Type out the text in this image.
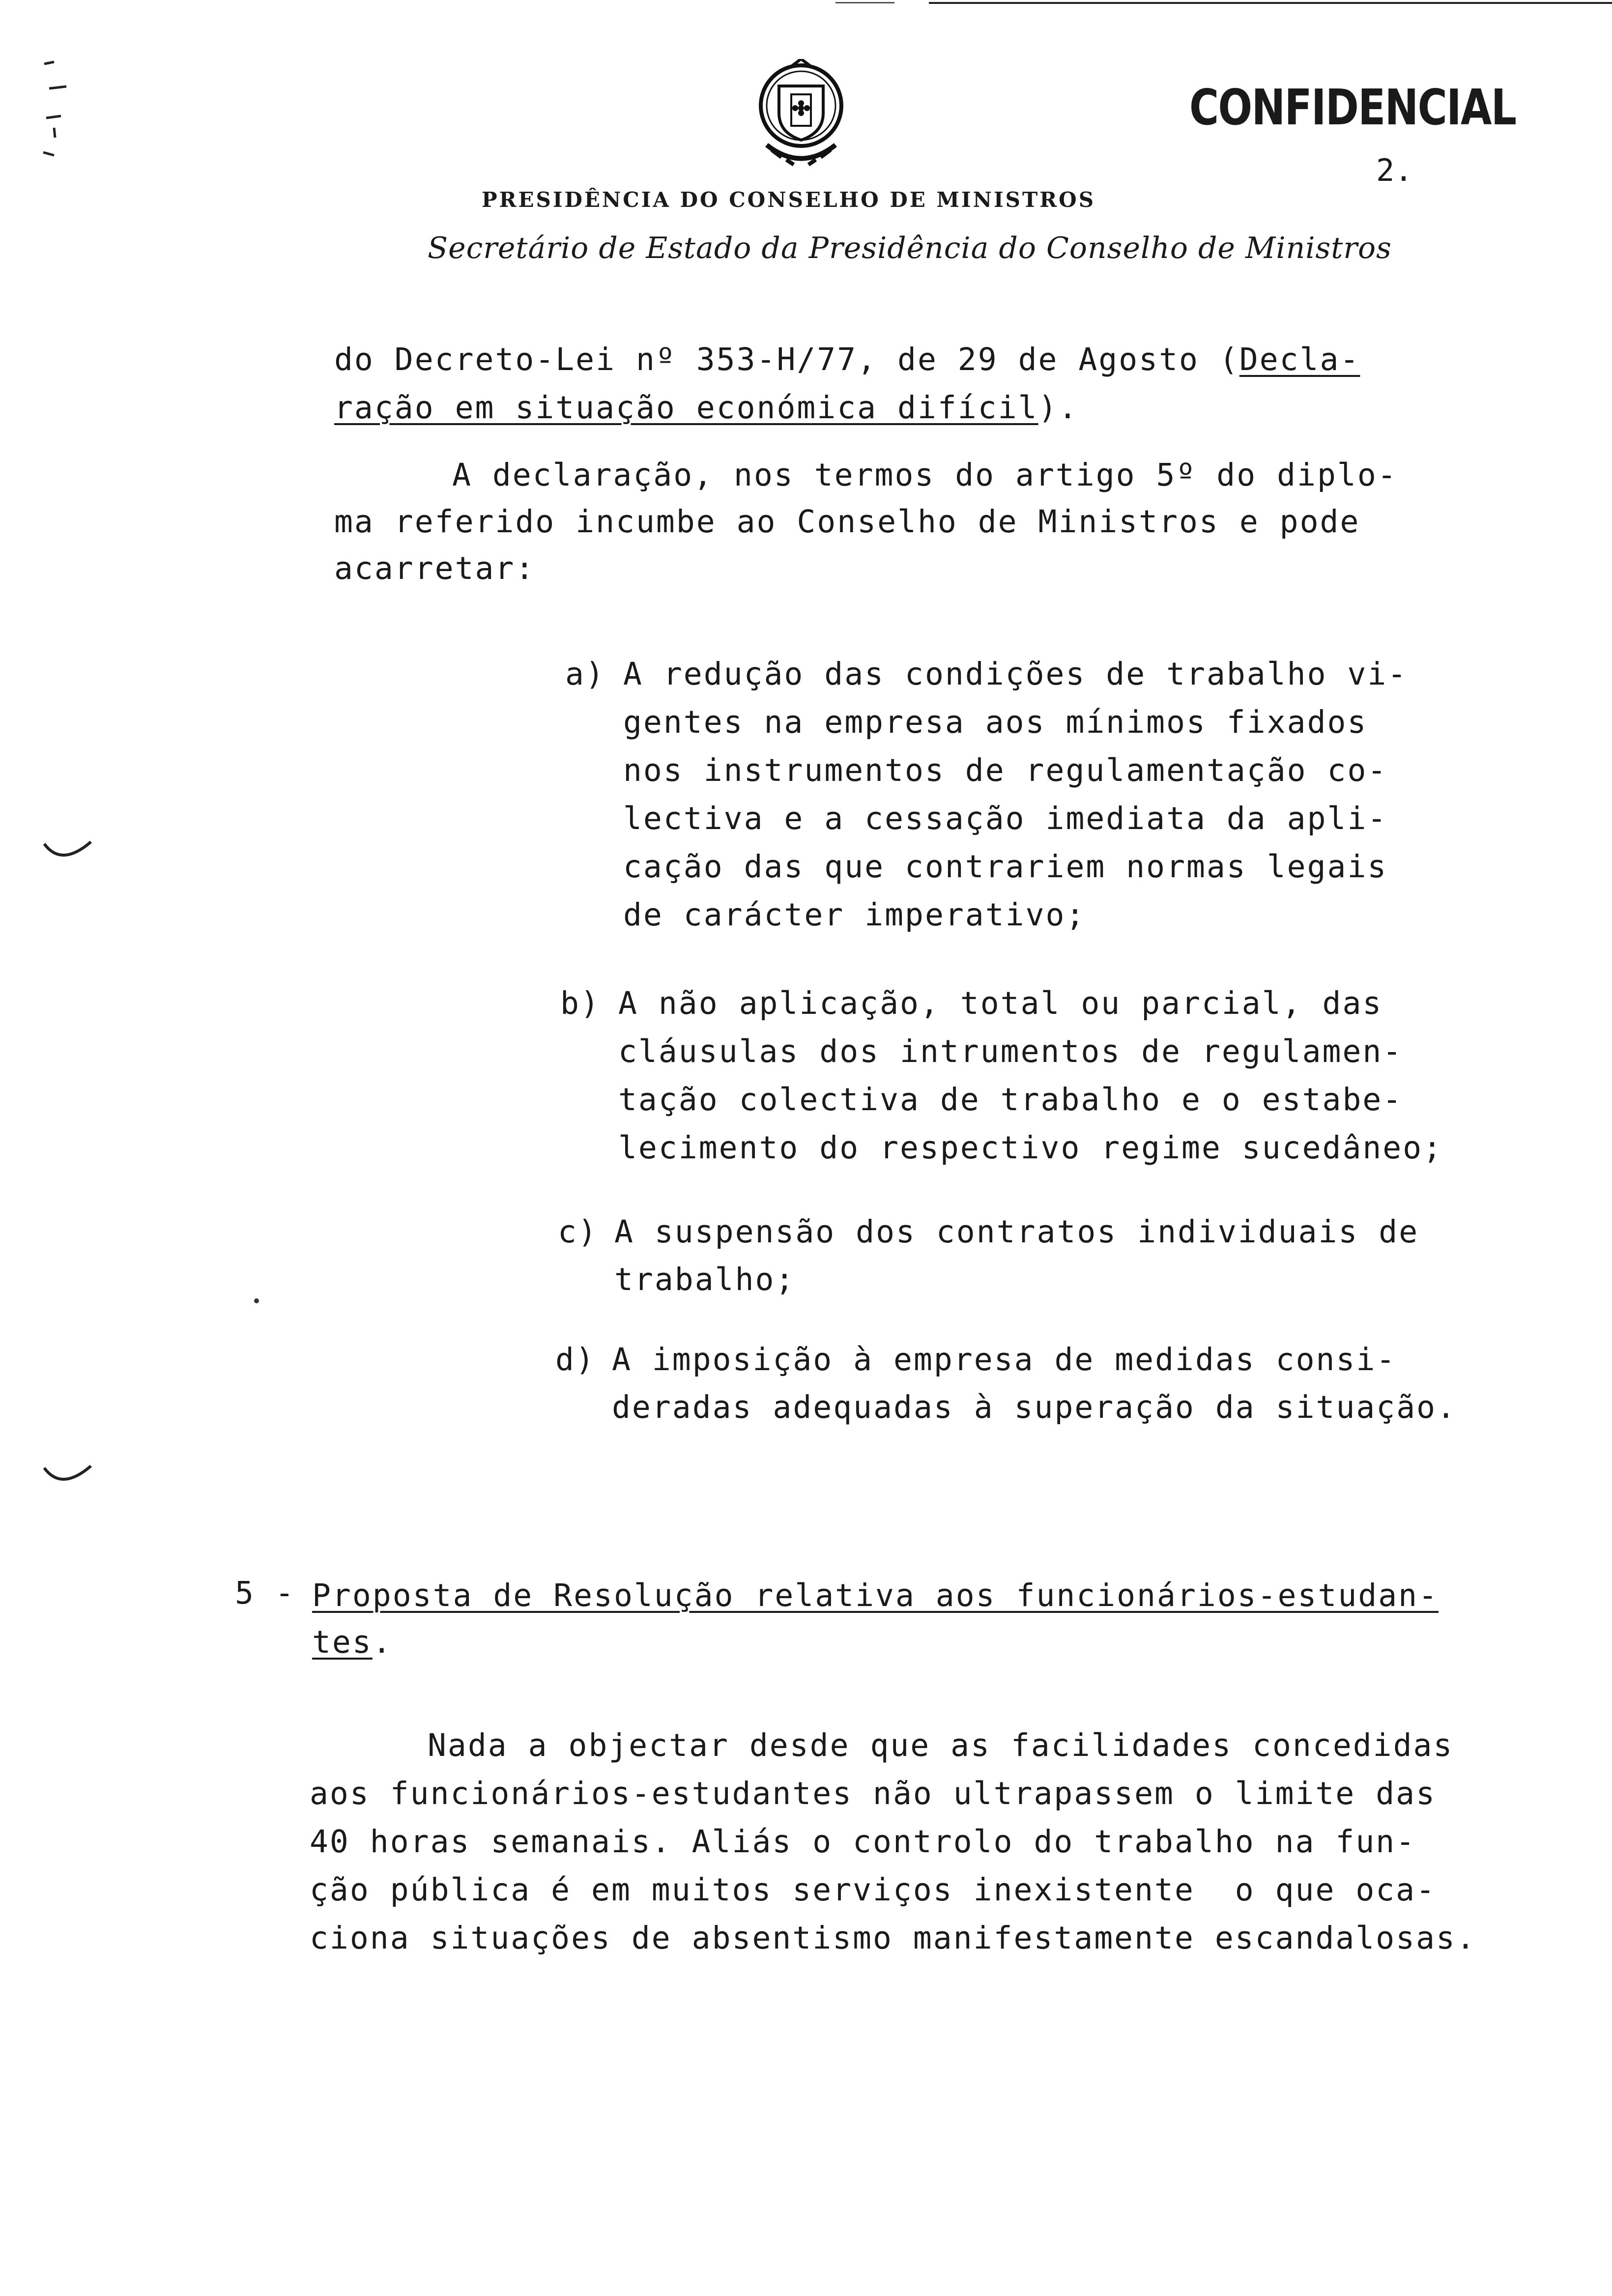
CONFIDENCIAL
2.
PRESIDÊNCIA DO CONSELHO DE MINISTROS
Secretário de Estado da Presidência do Conselho de Ministros
do Decreto-Lei nº 353-H/77, de 29 de Agosto (Decla-
ração em situação económica difícil).
A declaração, nos termos do artigo 5º do diplo-
ma referido incumbe ao Conselho de Ministros e pode
acarretar:
a) A redução das condições de trabalho vi-
gentes na empresa aos mínimos fixados
nos instrumentos de regulamentação co-
lectiva e a cessação imediata da apli-
cação das que contrariem normas legais
de carácter imperativo;
b) A não aplicação, total ou parcial, das
cláusulas dos intrumentos de regulamen-
tação colectiva de trabalho e o estabe-
lecimento do respectivo regime sucedâneo;
c) A suspensão dos contratos individuais de
trabalho;
d) A imposição à empresa de medidas consi-
deradas adequadas à superação da situação.
5 - Proposta de Resolução relativa aos funcionários-estudan-
tes.
Nada a objectar desde que as facilidades concedidas
aos funcionários-estudantes não ultrapassem o limite das
40 horas semanais. Aliás o controlo do trabalho na fun-
ção pública é em muitos serviços inexistente  o que oca-
ciona situações de absentismo manifestamente escandalosas.
